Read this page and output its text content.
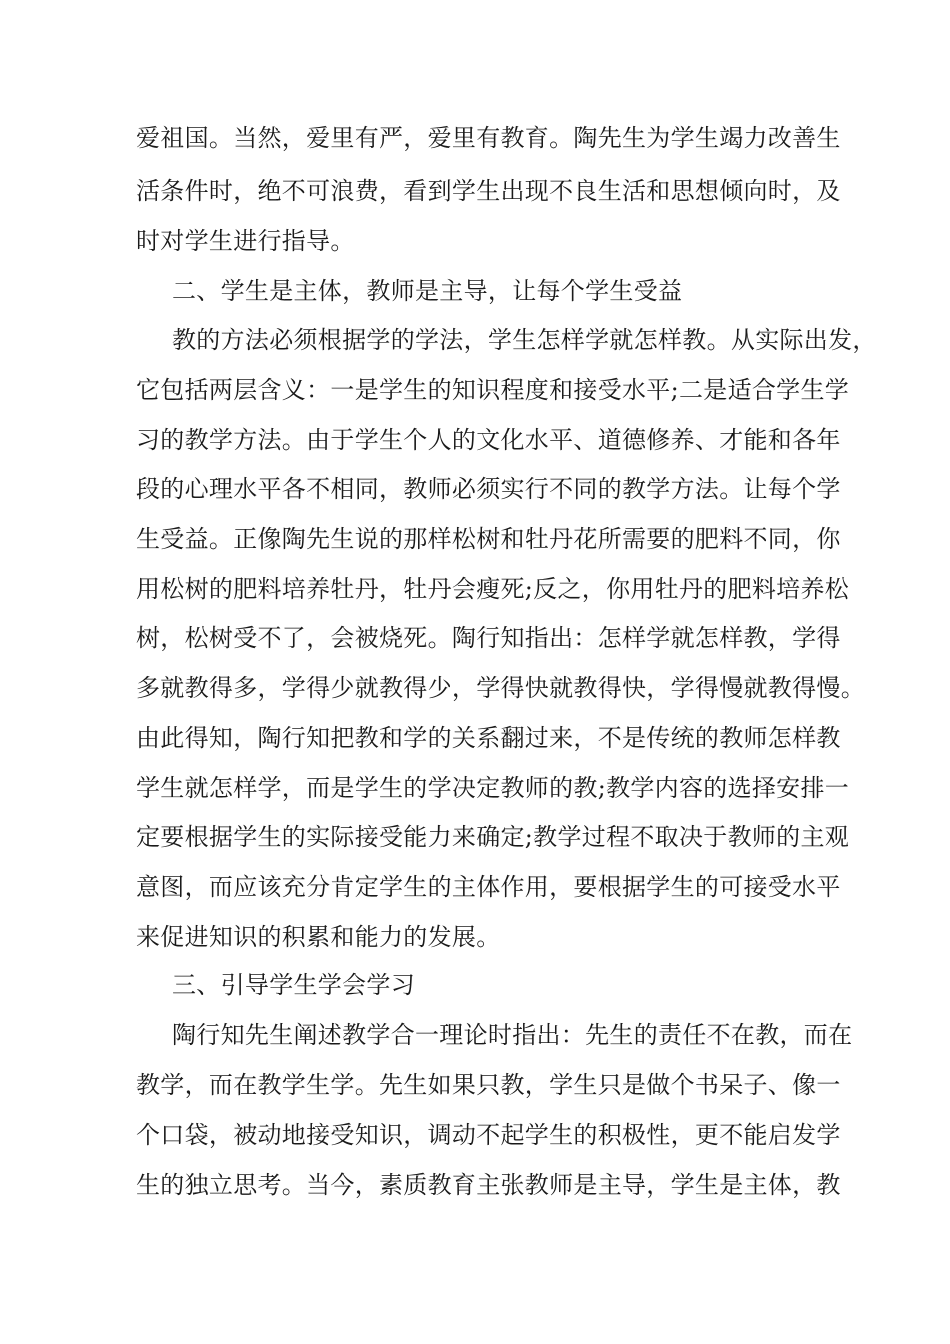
爱祖国。当然，爱里有严，爱里有教育。陶先生为学生竭力改善生
活条件时，绝不可浪费，看到学生出现不良生活和思想倾向时，及
时对学生进行指导。
二、学生是主体，教师是主导，让每个学生受益
教的方法必须根据学的学法，学生怎样学就怎样教。从实际出发，
它包括两层含义：一是学生的知识程度和接受水平;二是适合学生学
习的教学方法。由于学生个人的文化水平、道德修养、才能和各年
段的心理水平各不相同，教师必须实行不同的教学方法。让每个学
生受益。正像陶先生说的那样松树和牡丹花所需要的肥料不同，你
用松树的肥料培养牡丹，牡丹会瘦死;反之，你用牡丹的肥料培养松
树，松树受不了，会被烧死。陶行知指出：怎样学就怎样教，学得
多就教得多，学得少就教得少，学得快就教得快，学得慢就教得慢。
由此得知，陶行知把教和学的关系翻过来，不是传统的教师怎样教
学生就怎样学，而是学生的学决定教师的教;教学内容的选择安排一
定要根据学生的实际接受能力来确定;教学过程不取决于教师的主观
意图，而应该充分肯定学生的主体作用，要根据学生的可接受水平
来促进知识的积累和能力的发展。
三、引导学生学会学习
陶行知先生阐述教学合一理论时指出：先生的责任不在教，而在
教学，而在教学生学。先生如果只教，学生只是做个书呆子、像一
个口袋，被动地接受知识，调动不起学生的积极性，更不能启发学
生的独立思考。当今，素质教育主张教师是主导，学生是主体，教
